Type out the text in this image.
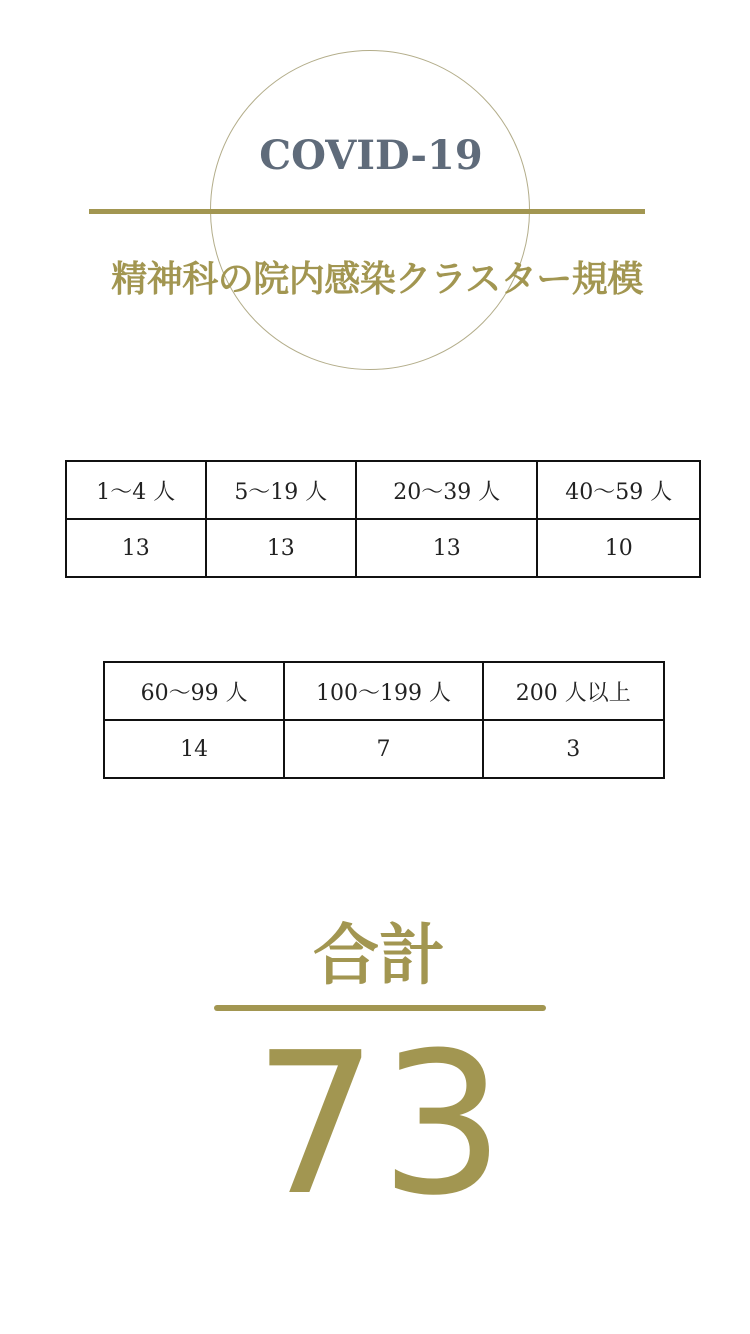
COVID-19
精神科の院内感染クラスター規模
1～4 人	5～19 人	20～39 人	40～59 人
13	13	13	10
60～99 人	100～199 人	200 人以上
14	7	3
合計
73
